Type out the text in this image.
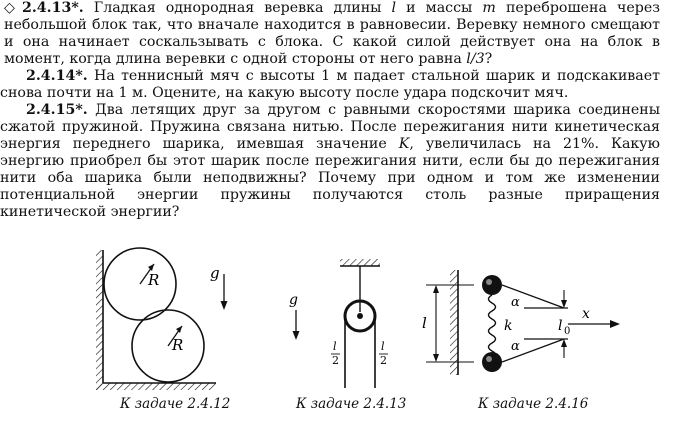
◇ 2.4.13*. Гладкая однородная веревка длины l и массы m переброшена через небольшой блок так, что вначале находится в равновесии. Веревку немного смещают и она начинает соскальзывать с блока. С какой силой действует она на блок в момент, когда длина веревки с одной стороны от него равна l/3?

2.4.14*. На теннисный мяч с высоты 1 м падает стальной шарик и подскакивает снова почти на 1 м. Оцените, на какую высоту после удара подскочит мяч.

2.4.15*. Два летящих друг за другом с равными скоростями шарика соединены сжатой пружиной. Пружина связана нитью. После пережигания нити кинетическая энергия переднего шарика, имевшая значение K, увеличилась на 21%. Какую энергию приобрел бы этот шарик после пережигания нити, если бы до пережигания нити оба шарика были неподвижны? Почему при одном и том же изменении потенциальной энергии пружины получаются столь разные приращения кинетической энергии?

R
R
g
К задаче 2.4.12
g
l
2
l
2
К задаче 2.4.13
l
α
α
k	l 0
x
К задаче 2.4.16
